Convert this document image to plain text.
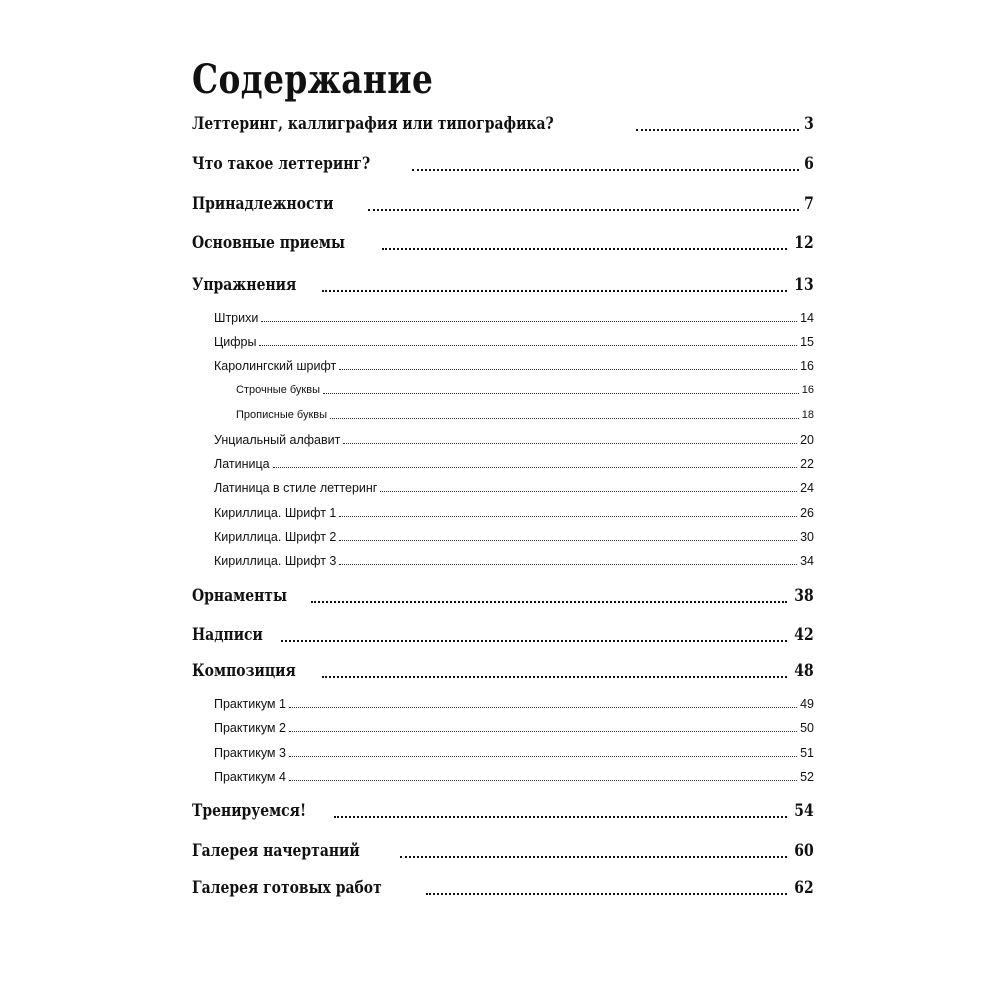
Содержание
Леттеринг, каллиграфия или типографика?	3
Что такое леттеринг?	6
Принадлежности	7
Основные приемы	12
Упражнения	13
Штрихи	14
Цифры	15
Каролингский шрифт	16
Строчные буквы	16
Прописные буквы	18
Унциальный алфавит	20
Латиница	22
Латиница в стиле леттеринг	24
Кириллица. Шрифт 1	26
Кириллица. Шрифт 2	30
Кириллица. Шрифт 3	34
Орнаменты	38
Надписи	42
Композиция	48
Практикум 1	49
Практикум 2	50
Практикум 3	51
Практикум 4	52
Тренируемся!	54
Галерея начертаний	60
Галерея готовых работ	62
